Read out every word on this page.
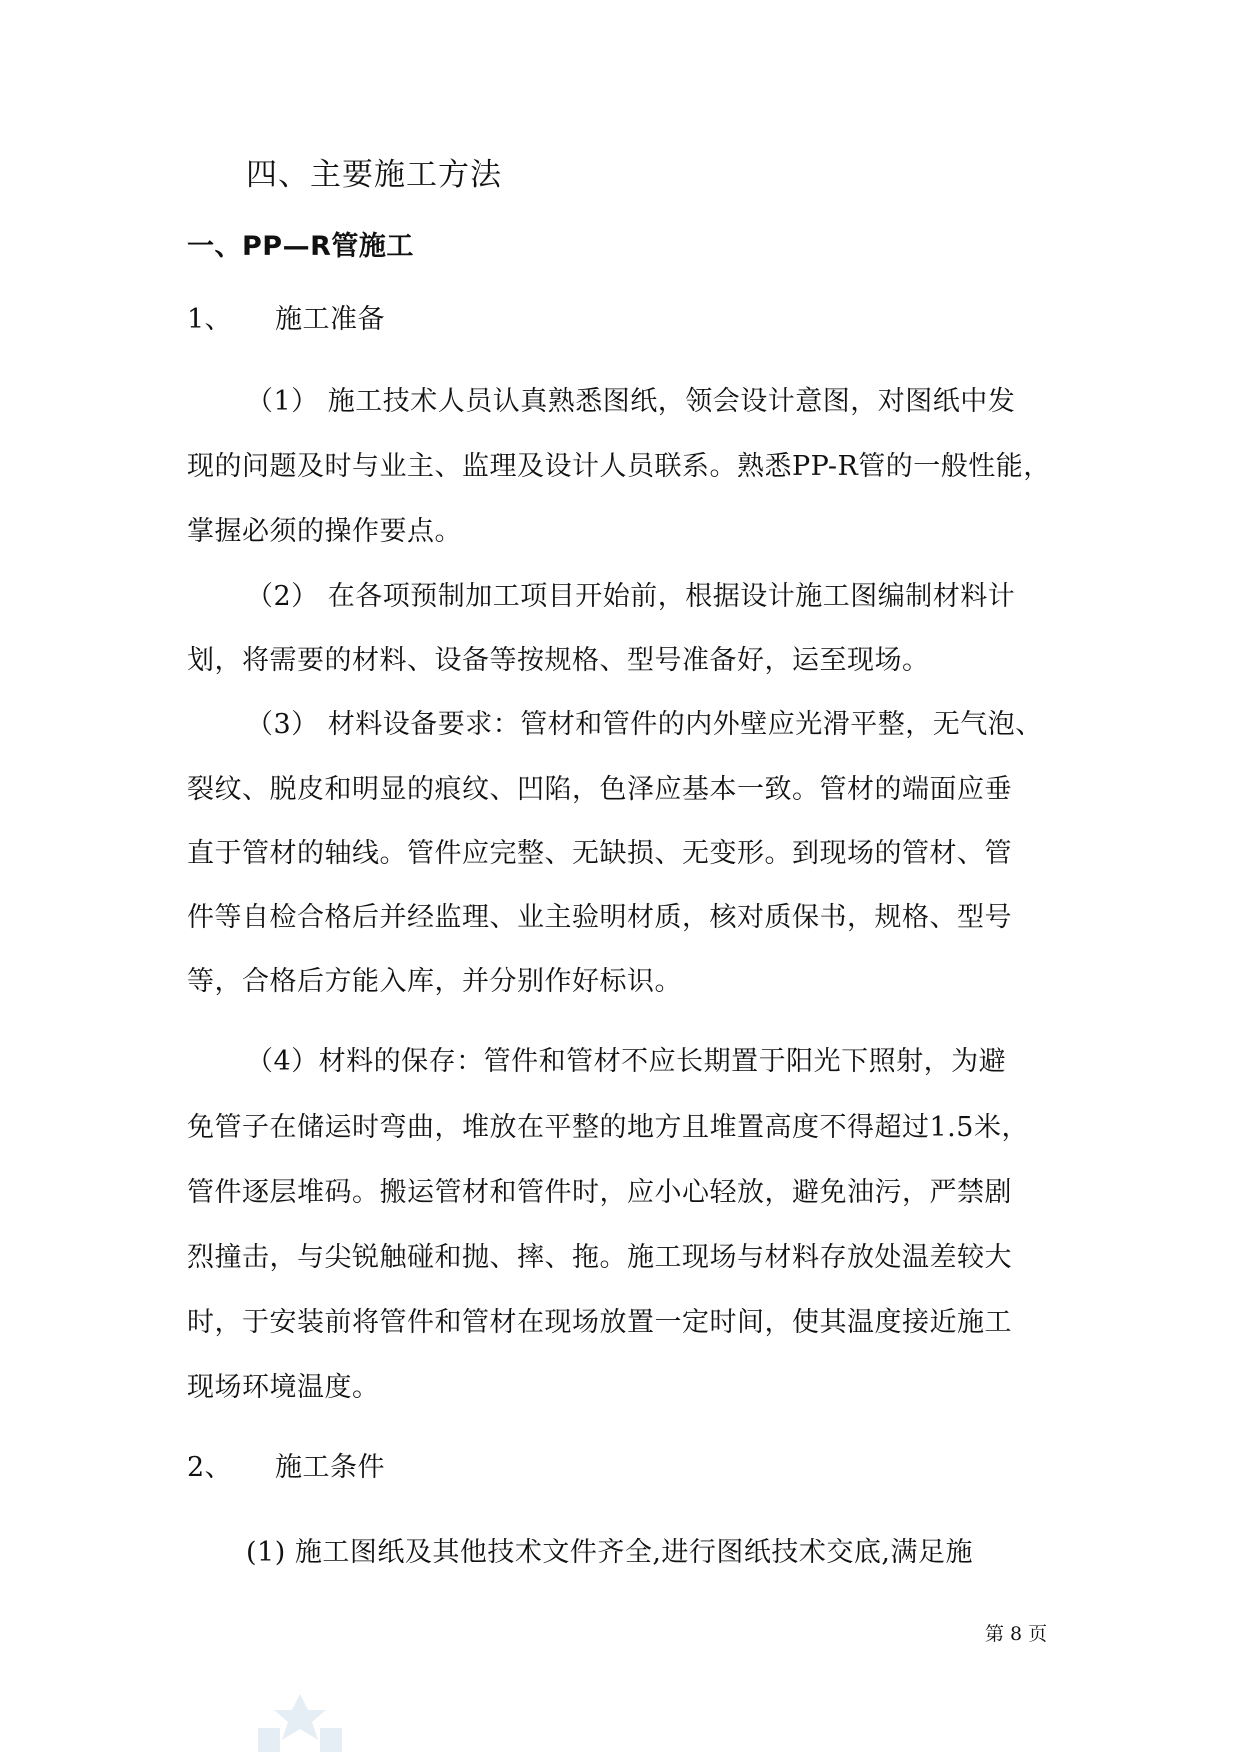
四、主要施工方法
一、PP—R管施工
1、 施工准备
（1） 施工技术人员认真熟悉图纸，领会设计意图，对图纸中发
现的问题及时与业主、监理及设计人员联系。熟悉PP-R管的一般性能，
掌握必须的操作要点。
（2） 在各项预制加工项目开始前，根据设计施工图编制材料计
划，将需要的材料、设备等按规格、型号准备好，运至现场。
（3） 材料设备要求：管材和管件的内外壁应光滑平整，无气泡、
裂纹、脱皮和明显的痕纹、凹陷，色泽应基本一致。管材的端面应垂
直于管材的轴线。管件应完整、无缺损、无变形。到现场的管材、管
件等自检合格后并经监理、业主验明材质，核对质保书，规格、型号
等，合格后方能入库，并分别作好标识。
（4）材料的保存：管件和管材不应长期置于阳光下照射，为避
免管子在储运时弯曲，堆放在平整的地方且堆置高度不得超过1.5米，
管件逐层堆码。搬运管材和管件时，应小心轻放，避免油污，严禁剧
烈撞击，与尖锐触碰和抛、摔、拖。施工现场与材料存放处温差较大
时，于安装前将管件和管材在现场放置一定时间，使其温度接近施工
现场环境温度。
2、 施工条件
(1) 施工图纸及其他技术文件齐全,进行图纸技术交底,满足施
第 8 页
